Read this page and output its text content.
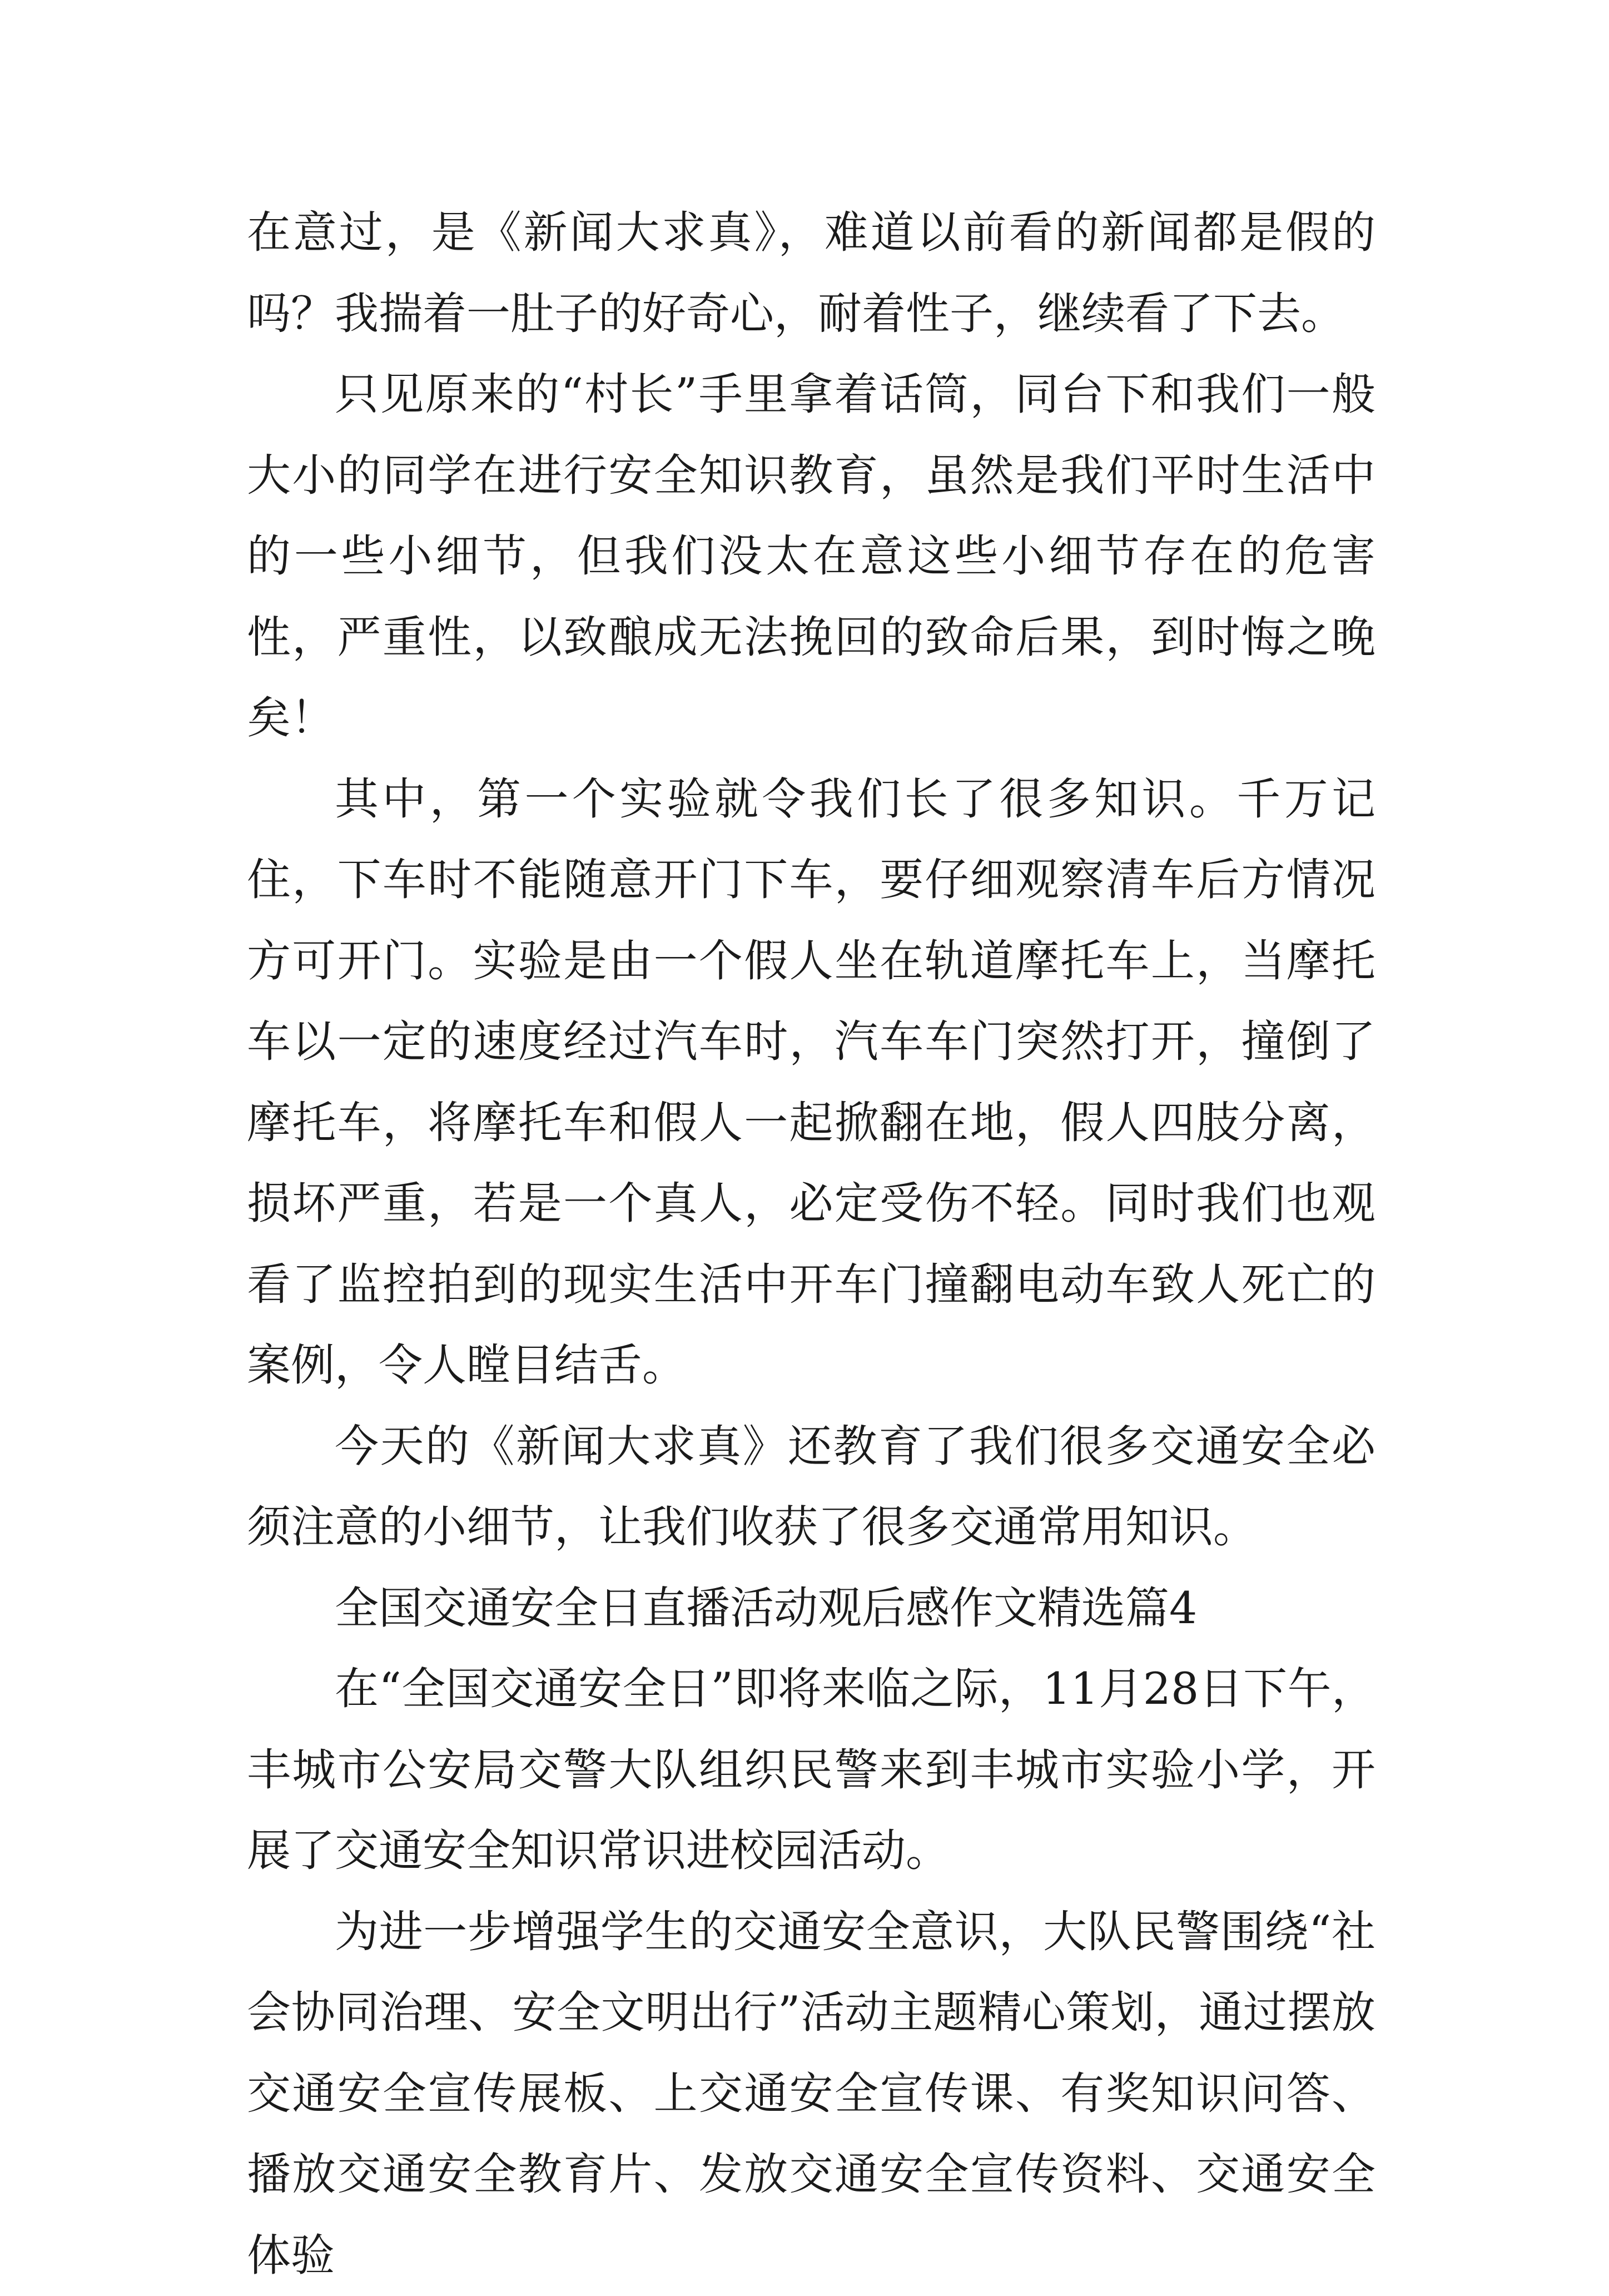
在意过，是《新闻大求真》，难道以前看的新闻都是假的吗？我揣着一肚子的好奇心，耐着性子，继续看了下去。

只见原来的“村长”手里拿着话筒，同台下和我们一般大小的同学在进行安全知识教育，虽然是我们平时生活中的一些小细节，但我们没太在意这些小细节存在的危害性，严重性，以致酿成无法挽回的致命后果，到时悔之晚矣！

其中，第一个实验就令我们长了很多知识。千万记住，下车时不能随意开门下车，要仔细观察清车后方情况方可开门。实验是由一个假人坐在轨道摩托车上，当摩托车以一定的速度经过汽车时，汽车车门突然打开，撞倒了摩托车，将摩托车和假人一起掀翻在地，假人四肢分离，损坏严重，若是一个真人，必定受伤不轻。同时我们也观看了监控拍到的现实生活中开车门撞翻电动车致人死亡的案例，令人瞠目结舌。

今天的《新闻大求真》还教育了我们很多交通安全必须注意的小细节，让我们收获了很多交通常用知识。

全国交通安全日直播活动观后感作文精选篇4

在“全国交通安全日”即将来临之际，11月28日下午，丰城市公安局交警大队组织民警来到丰城市实验小学，开展了交通安全知识常识进校园活动。

为进一步增强学生的交通安全意识，大队民警围绕“社会协同治理、安全文明出行”活动主题精心策划，通过摆放交通安全宣传展板、上交通安全宣传课、有奖知识问答、播放交通安全教育片、发放交通安全宣传资料、交通安全体验
